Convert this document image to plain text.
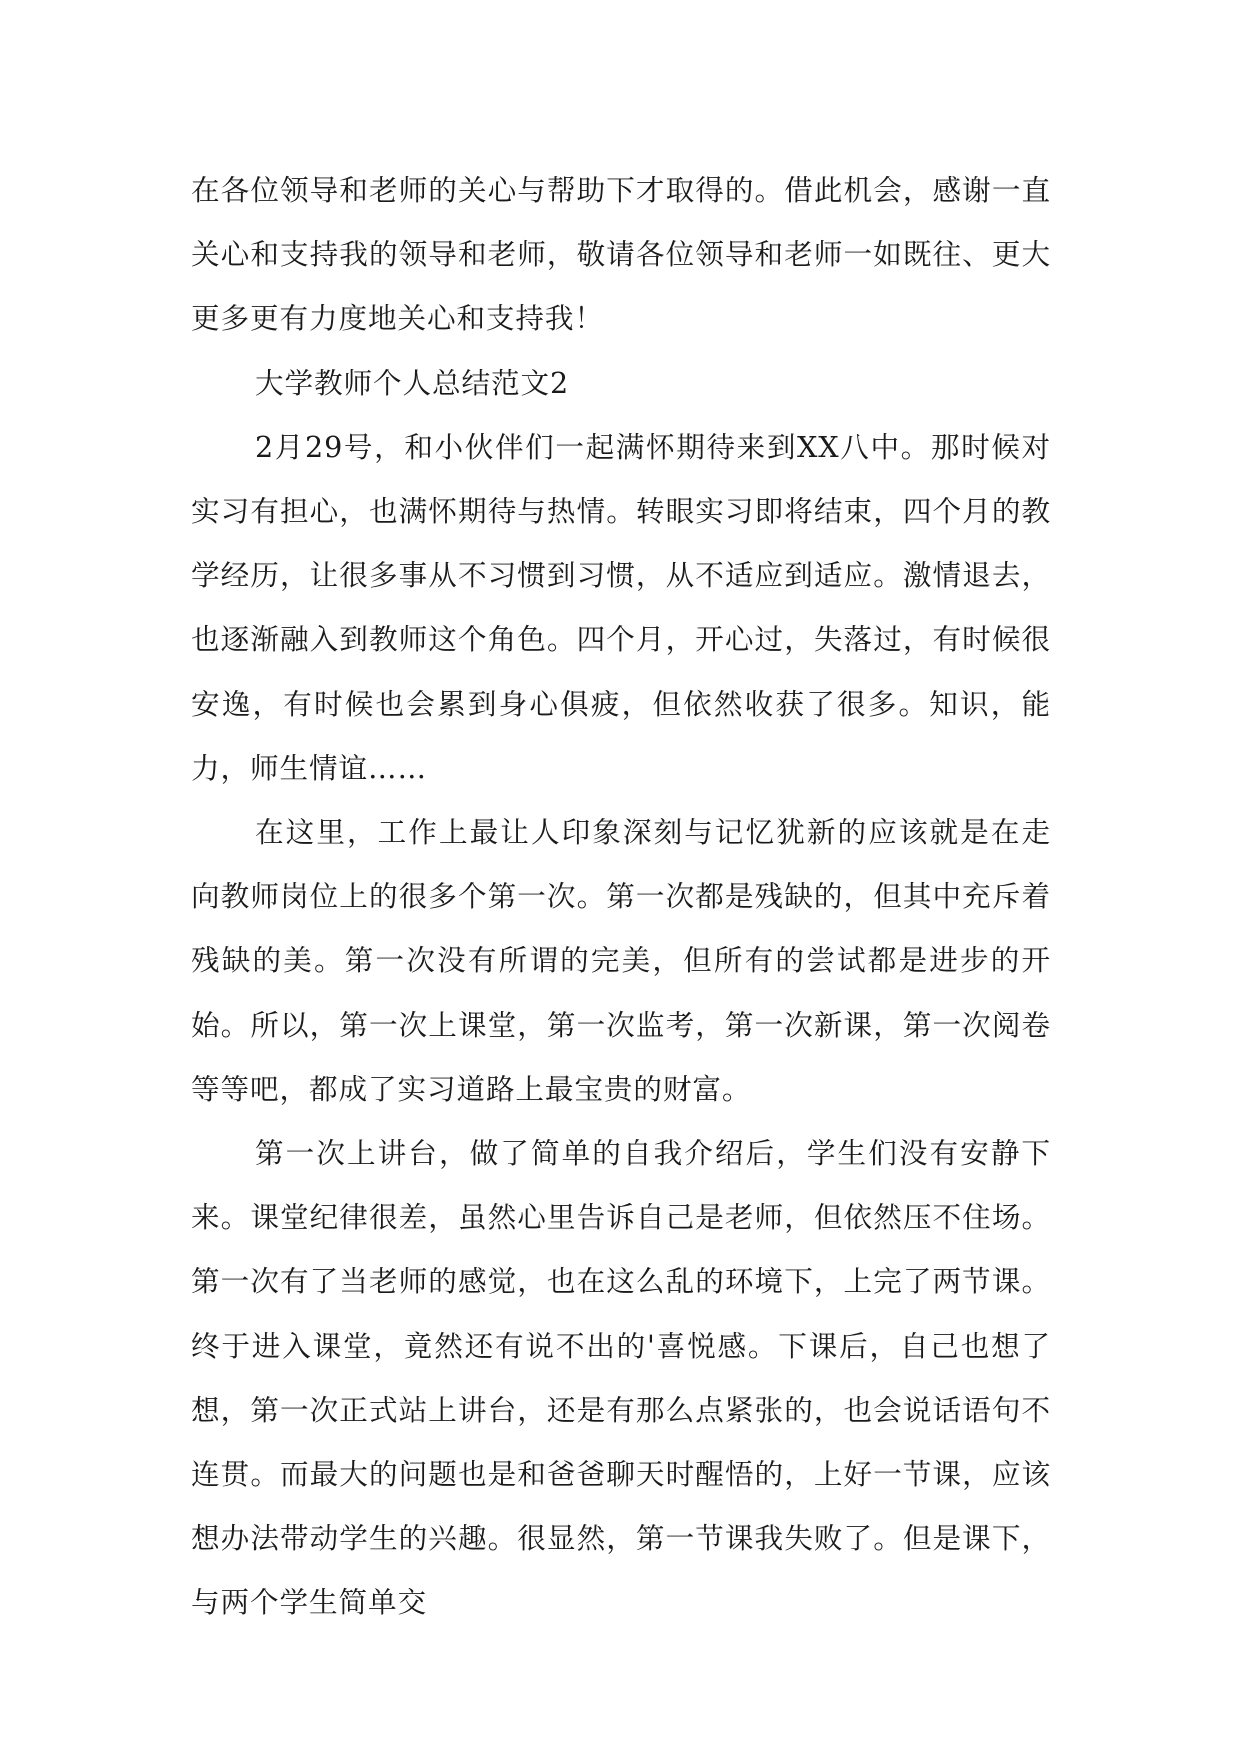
在各位领导和老师的关心与帮助下才取得的。借此机会，感谢一直关心和支持我的领导和老师，敬请各位领导和老师一如既往、更大更多更有力度地关心和支持我！

大学教师个人总结范文2

2月29号，和小伙伴们一起满怀期待来到XX八中。那时候对实习有担心，也满怀期待与热情。转眼实习即将结束，四个月的教学经历，让很多事从不习惯到习惯，从不适应到适应。激情退去，也逐渐融入到教师这个角色。四个月，开心过，失落过，有时候很安逸，有时候也会累到身心俱疲，但依然收获了很多。知识，能力，师生情谊……

在这里，工作上最让人印象深刻与记忆犹新的应该就是在走向教师岗位上的很多个第一次。第一次都是残缺的，但其中充斥着残缺的美。第一次没有所谓的完美，但所有的尝试都是进步的开始。所以，第一次上课堂，第一次监考，第一次新课，第一次阅卷等等吧，都成了实习道路上最宝贵的财富。

第一次上讲台，做了简单的自我介绍后，学生们没有安静下来。课堂纪律很差，虽然心里告诉自己是老师，但依然压不住场。第一次有了当老师的感觉，也在这么乱的环境下，上完了两节课。终于进入课堂，竟然还有说不出的'喜悦感。下课后，自己也想了想，第一次正式站上讲台，还是有那么点紧张的，也会说话语句不连贯。而最大的问题也是和爸爸聊天时醒悟的，上好一节课，应该想办法带动学生的兴趣。很显然，第一节课我失败了。但是课下，与两个学生简单交
